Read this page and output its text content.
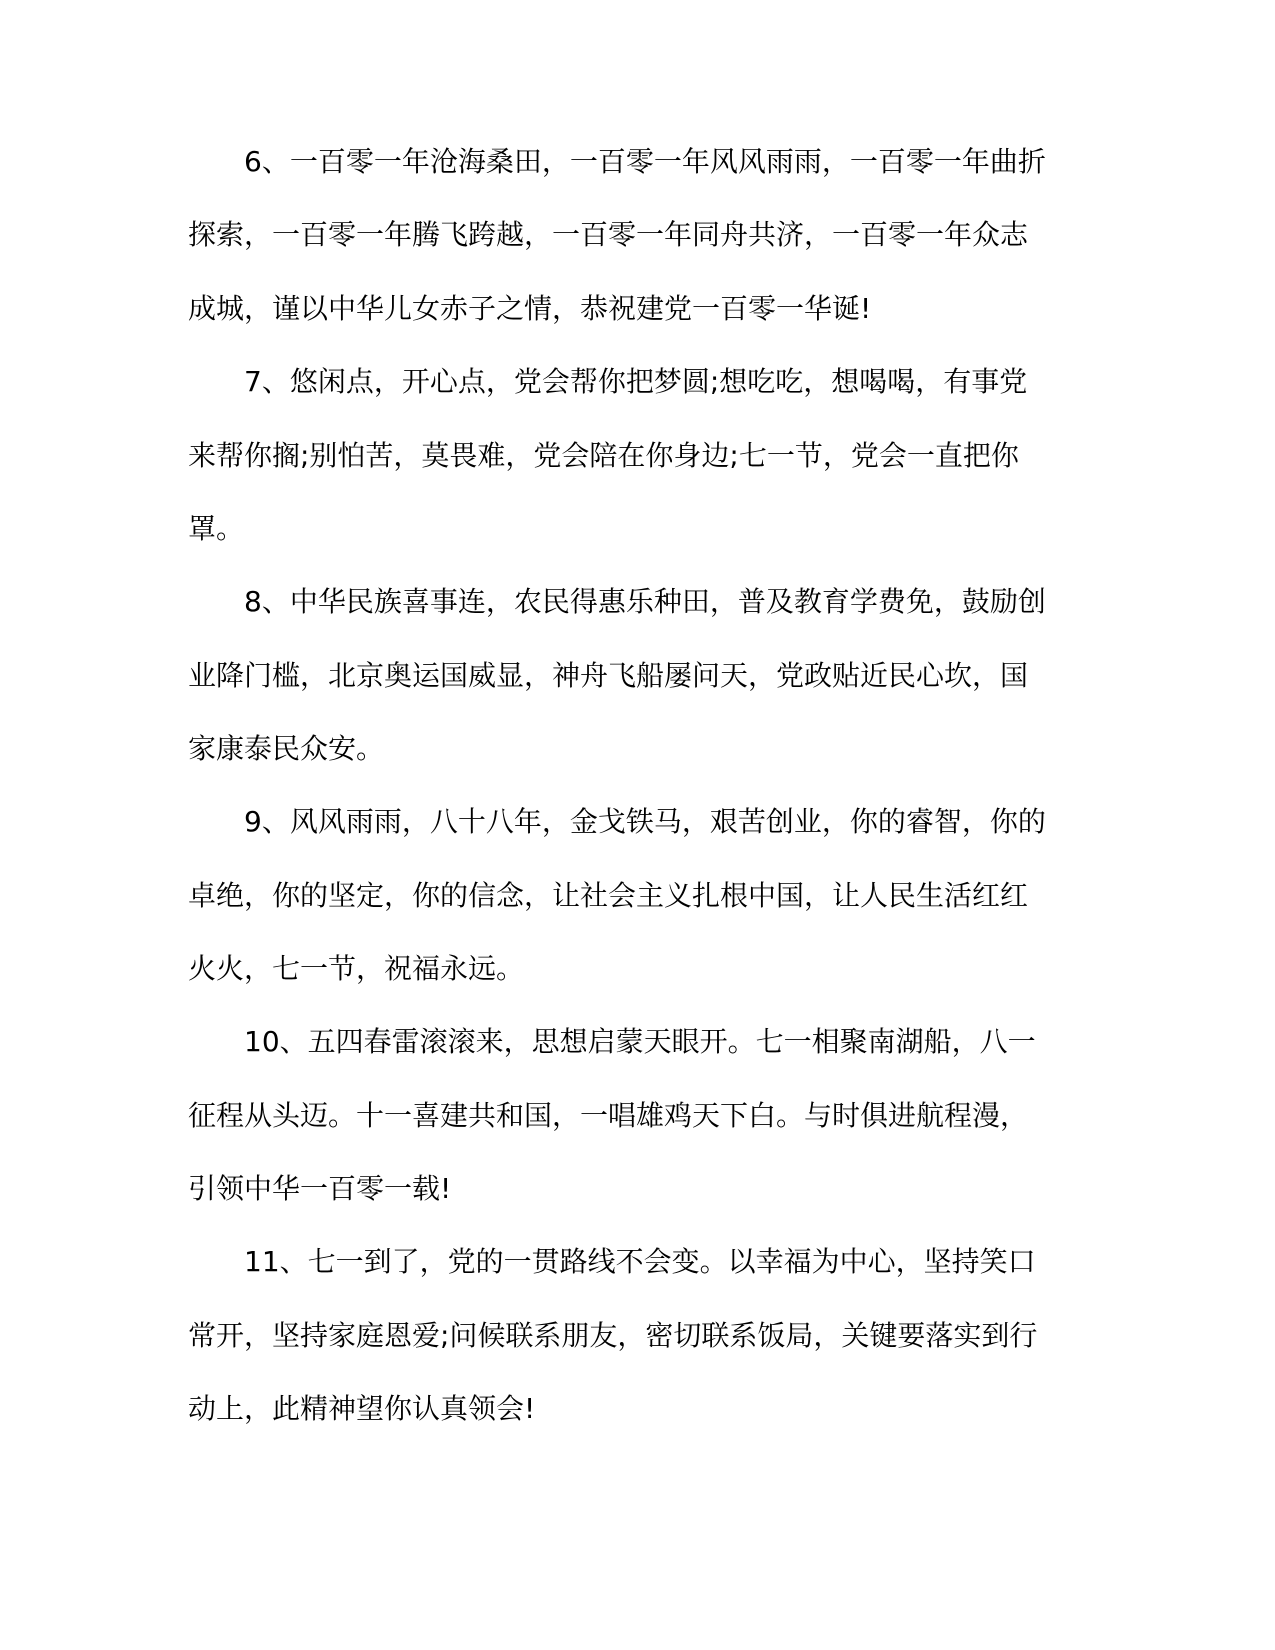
6、一百零一年沧海桑田，一百零一年风风雨雨，一百零一年曲折
探索，一百零一年腾飞跨越，一百零一年同舟共济，一百零一年众志
成城，谨以中华儿女赤子之情，恭祝建党一百零一华诞!
7、悠闲点，开心点，党会帮你把梦圆;想吃吃，想喝喝，有事党
来帮你搁;别怕苦，莫畏难，党会陪在你身边;七一节，党会一直把你
罩。
8、中华民族喜事连，农民得惠乐种田，普及教育学费免，鼓励创
业降门槛，北京奥运国威显，神舟飞船屡问天，党政贴近民心坎，国
家康泰民众安。
9、风风雨雨，八十八年，金戈铁马，艰苦创业，你的睿智，你的
卓绝，你的坚定，你的信念，让社会主义扎根中国，让人民生活红红
火火，七一节，祝福永远。
10、五四春雷滚滚来，思想启蒙天眼开。七一相聚南湖船，八一
征程从头迈。十一喜建共和国，一唱雄鸡天下白。与时俱进航程漫，
引领中华一百零一载!
11、七一到了，党的一贯路线不会变。以幸福为中心，坚持笑口
常开，坚持家庭恩爱;问候联系朋友，密切联系饭局，关键要落实到行
动上，此精神望你认真领会!
